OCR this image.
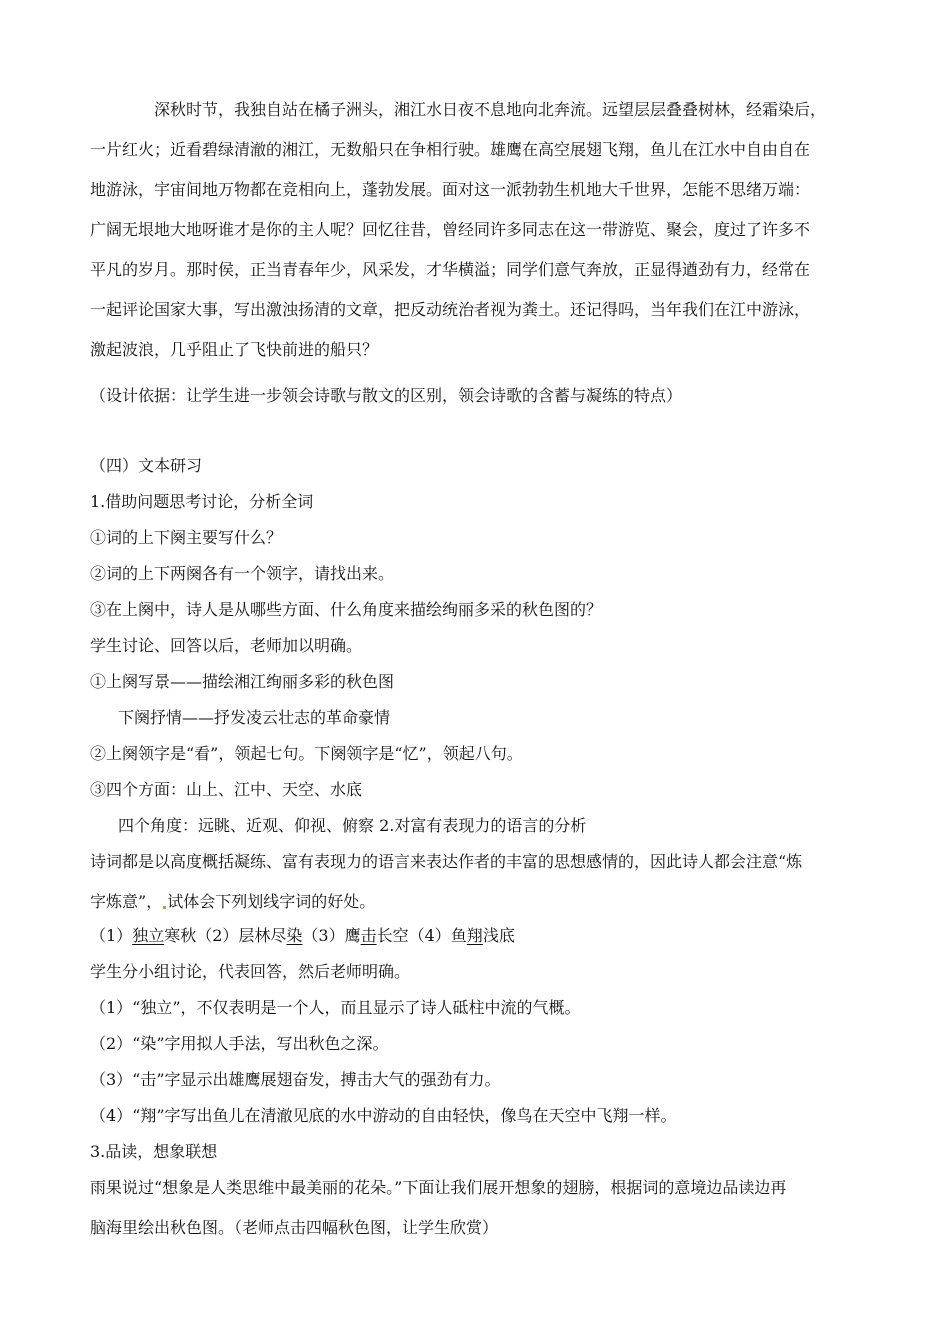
深秋时节，我独自站在橘子洲头，湘江水日夜不息地向北奔流。远望层层叠叠树林，经霜染后，
一片红火；近看碧绿清澈的湘江，无数船只在争相行驶。雄鹰在高空展翅飞翔，鱼儿在江水中自由自在
地游泳，宇宙间地万物都在竞相向上，蓬勃发展。面对这一派勃勃生机地大千世界，怎能不思绪万端：
广阔无垠地大地呀谁才是你的主人呢？回忆往昔，曾经同许多同志在这一带游览、聚会，度过了许多不
平凡的岁月。那时侯，正当青春年少，风采发，才华横溢；同学们意气奔放，正显得遒劲有力，经常在
一起评论国家大事，写出激浊扬清的文章，把反动统治者视为粪土。还记得吗，当年我们在江中游泳，
激起波浪，几乎阻止了飞快前进的船只？
（设计依据：让学生进一步领会诗歌与散文的区别，领会诗歌的含蓄与凝练的特点）
（四）文本研习
1.借助问题思考讨论，分析全词
①词的上下阕主要写什么？
②词的上下两阕各有一个领字，请找出来。
③在上阕中，诗人是从哪些方面、什么角度来描绘绚丽多采的秋色图的？
学生讨论、回答以后，老师加以明确。
①上阕写景——描绘湘江绚丽多彩的秋色图
下阕抒情——抒发凌云壮志的革命豪情
②上阕领字是“看”，领起七句。下阕领字是“忆”，领起八句。
③四个方面：山上、江中、天空、水底
四个角度：远眺、近观、仰视、俯察 2.对富有表现力的语言的分析
诗词都是以高度概括凝练、富有表现力的语言来表达作者的丰富的思想感情的，因此诗人都会注意“炼
字炼意”， 试体会下列划线字词的好处。
（1）独立寒秋（2）层林尽染（3）鹰击长空（4）鱼翔浅底
学生分小组讨论，代表回答，然后老师明确。
（1）“独立”，不仅表明是一个人，而且显示了诗人砥柱中流的气概。
（2）“染”字用拟人手法，写出秋色之深。
（3）“击”字显示出雄鹰展翅奋发，搏击大气的强劲有力。
（4）“翔”字写出鱼儿在清澈见底的水中游动的自由轻快，像鸟在天空中飞翔一样。
3.品读，想象联想
雨果说过“想象是人类思维中最美丽的花朵。”下面让我们展开想象的翅膀，根据词的意境边品读边再
脑海里绘出秋色图。（老师点击四幅秋色图，让学生欣赏）
